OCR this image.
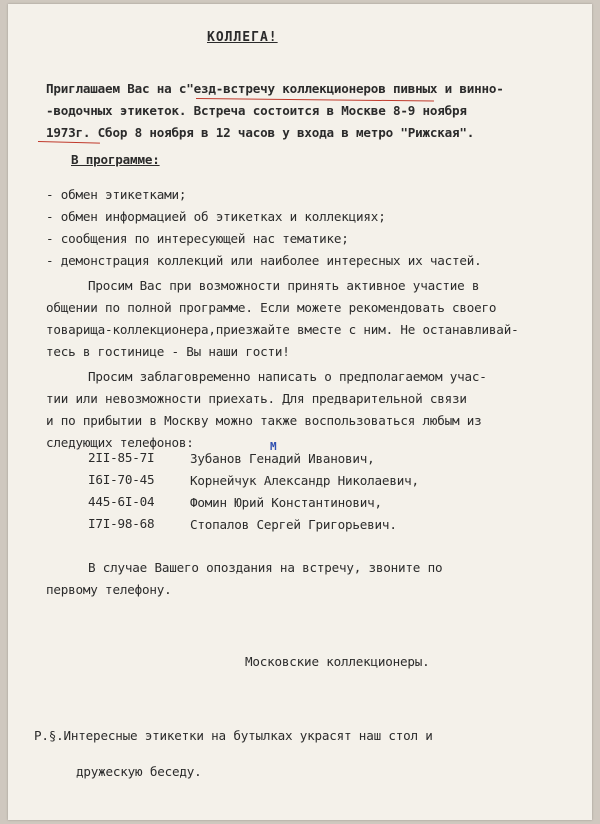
КОЛЛЕГА!
Приглашаем Вас на с"езд-встречу коллекционеров пивных и винно-
-водочных этикеток. Встреча состоится в Москве 8-9 ноября
1973г. Сбор 8 ноября в 12 часов у входа в метро "Рижская".
В программе:
- обмен этикетками;
- обмен информацией об этикетках и коллекциях;
- сообщения по интересующей нас тематике;
- демонстрация коллекций или наиболее интересных их частей.
Просим Вас при возможности принять активное участие в
общении по полной программе. Если можете рекомендовать своего
товарища-коллекционера,приезжайте вместе с ним. Не останавливай-
тесь в гостинице - Вы наши гости!
Просим заблаговременно написать о предполагаемом учас-
тии или невозможности приехать. Для предварительной связи
и по прибытии в Москву можно также воспользоваться любым из
следующих телефонов:	M
2II-85-7I	Зубанов Генадий Иванович,
I6I-70-45	Корнейчук Александр Николаевич,
445-6I-04	Фомин Юрий Константинович,
I7I-98-68	Стопалов Сергей Григорьевич.
В случае Вашего опоздания на встречу, звоните по
первому телефону.
Московские коллекционеры.
P.§.Интересные этикетки на бутылках украсят наш стол и
дружескую беседу.
